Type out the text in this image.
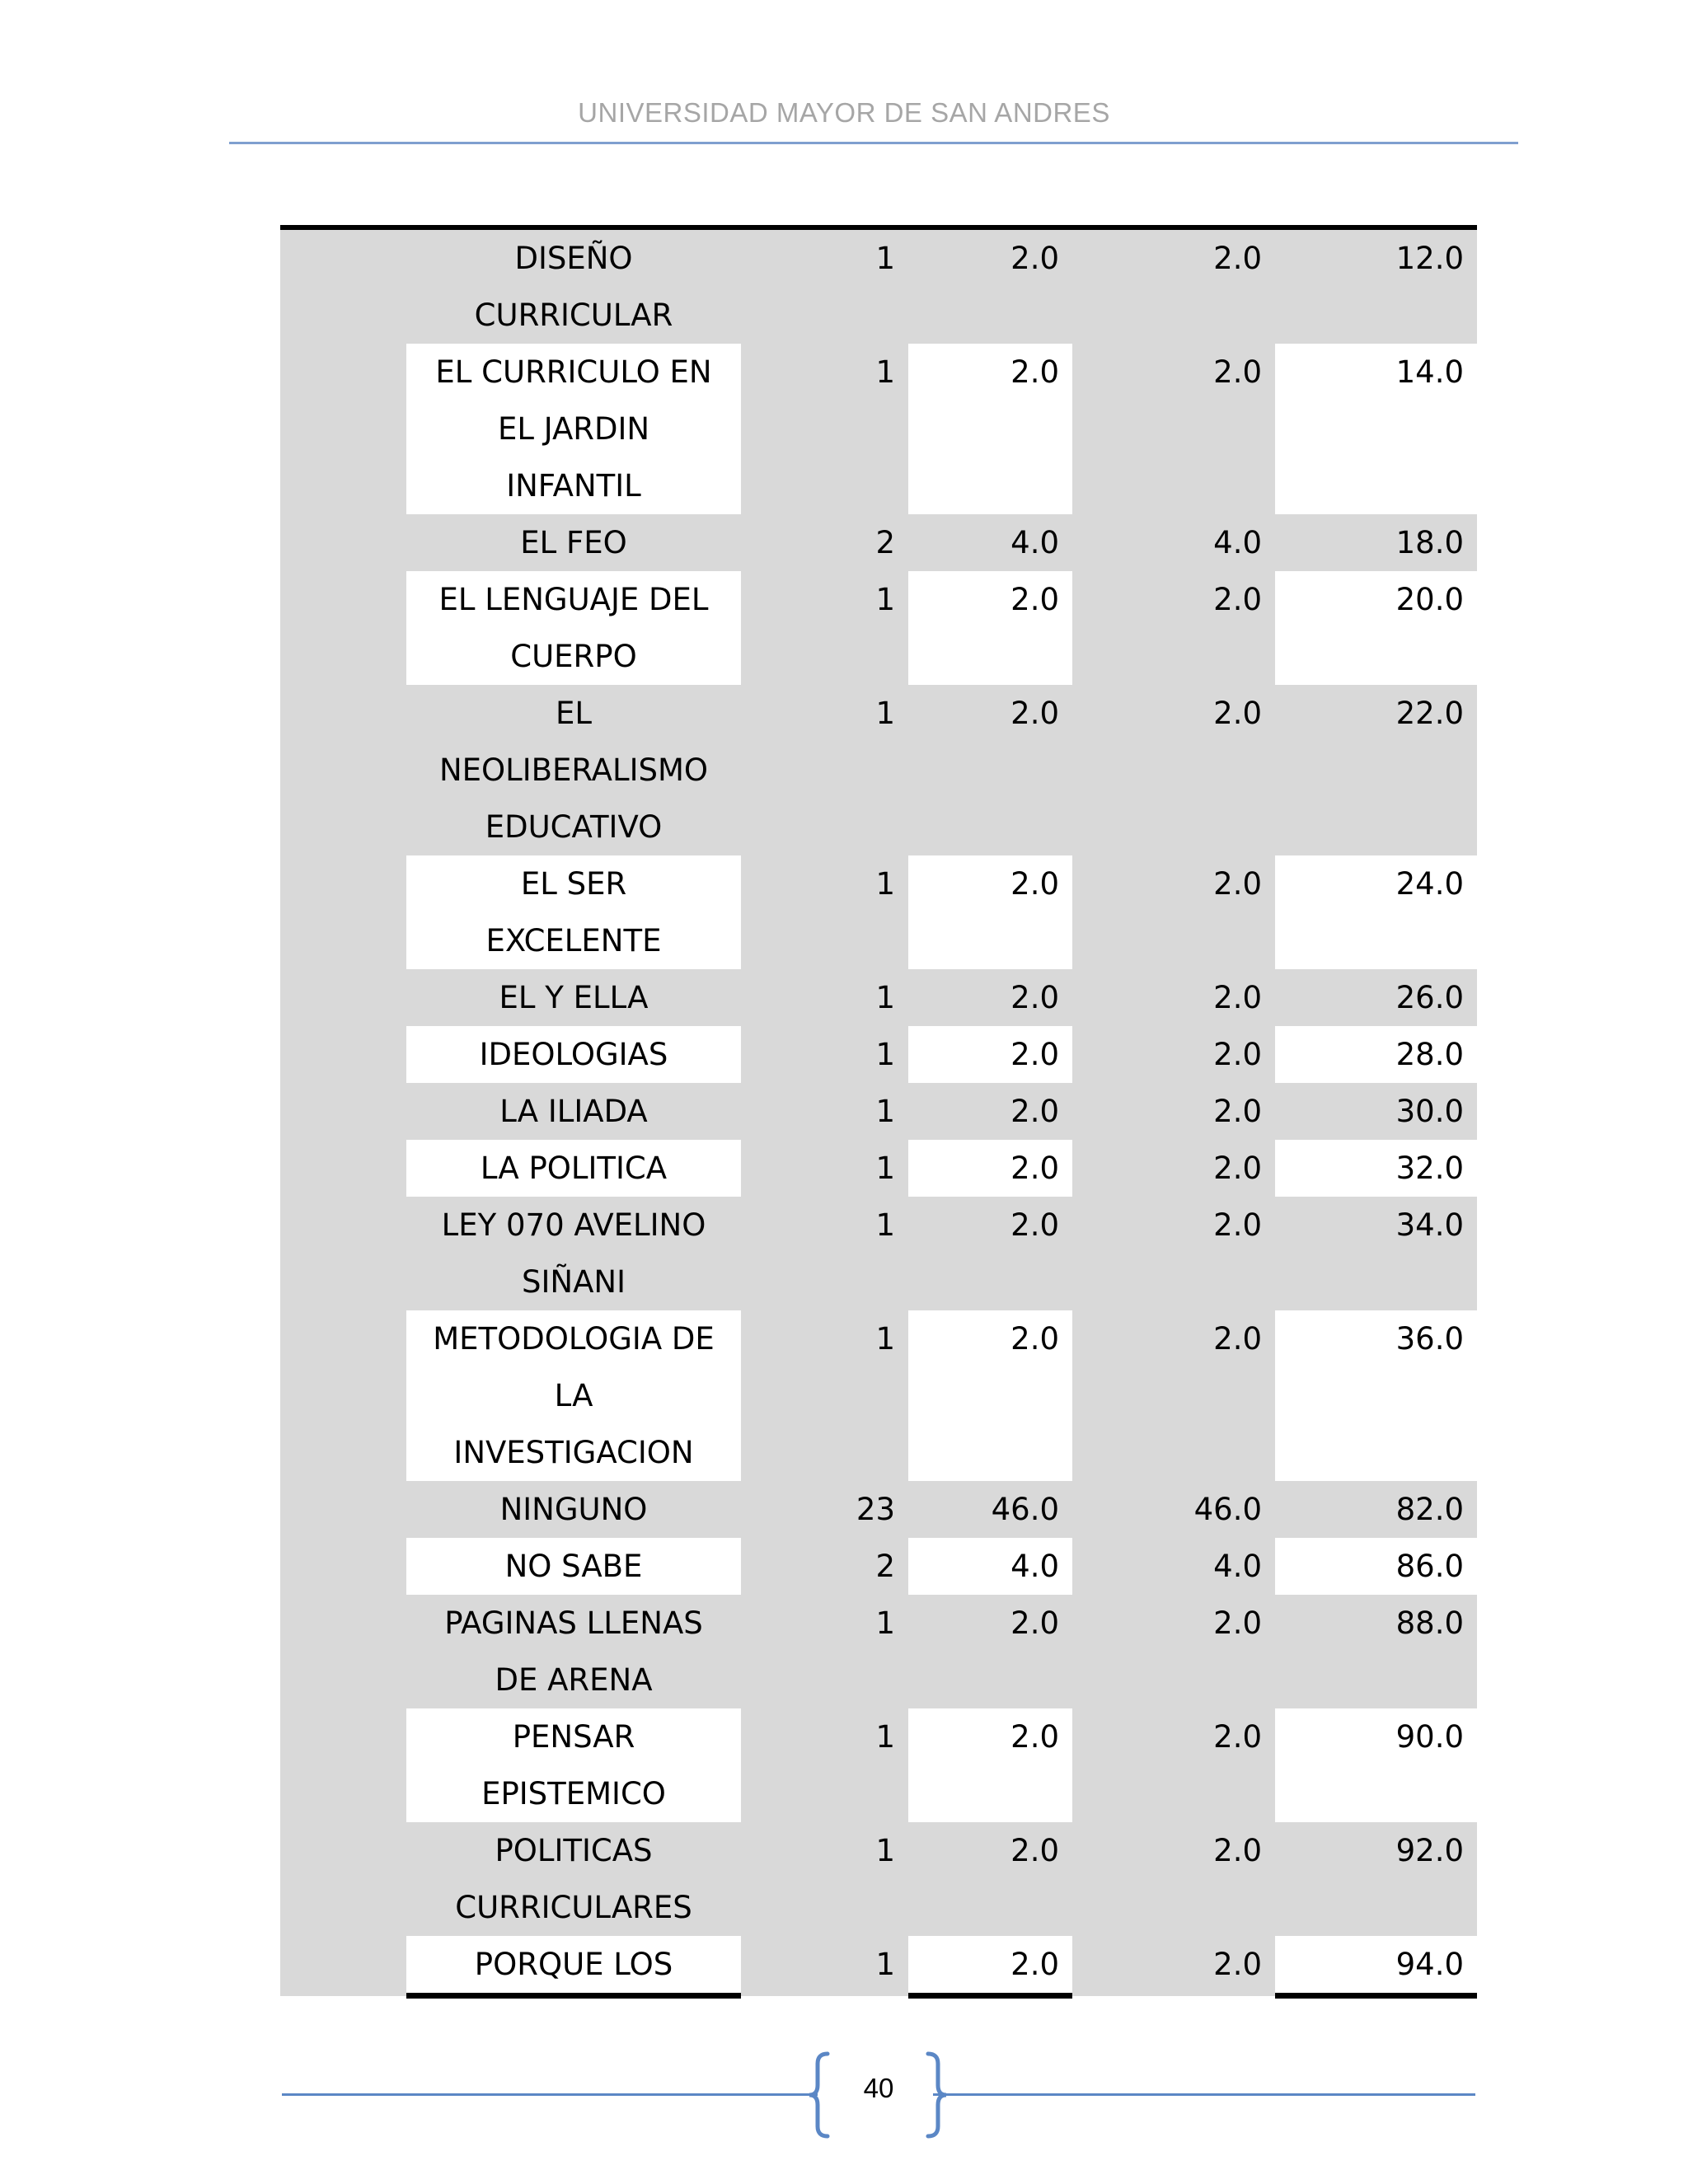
UNIVERSIDAD MAYOR DE SAN ANDRES

	DISEÑO
CURRICULAR	1	2.0	2.0	12.0

	EL CURRICULO EN
EL JARDIN
INFANTIL	1	2.0	2.0	14.0

	EL FEO	2	4.0	4.0	18.0

	EL LENGUAJE DEL
CUERPO	1	2.0	2.0	20.0

	EL
NEOLIBERALISMO
EDUCATIVO	1	2.0	2.0	22.0

	EL SER
EXCELENTE	1	2.0	2.0	24.0

	EL Y ELLA	1	2.0	2.0	26.0

	IDEOLOGIAS	1	2.0	2.0	28.0

	LA ILIADA	1	2.0	2.0	30.0

	LA POLITICA	1	2.0	2.0	32.0

	LEY 070 AVELINO
SIÑANI	1	2.0	2.0	34.0

	METODOLOGIA DE
LA
INVESTIGACION	1	2.0	2.0	36.0

	NINGUNO	23	46.0	46.0	82.0

	NO SABE	2	4.0	4.0	86.0

	PAGINAS LLENAS
DE ARENA	1	2.0	2.0	88.0

	PENSAR
EPISTEMICO	1	2.0	2.0	90.0

	POLITICAS
CURRICULARES	1	2.0	2.0	92.0

	PORQUE LOS	1	2.0	2.0	94.0
40
